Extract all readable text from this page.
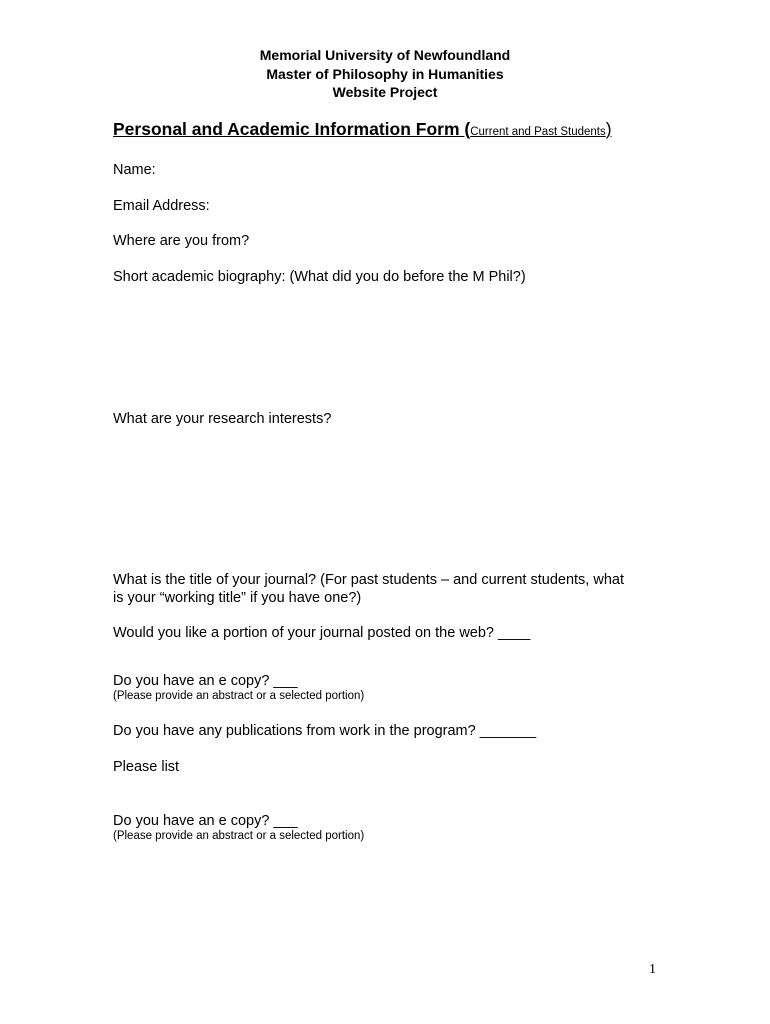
Memorial University of Newfoundland
Master of Philosophy in Humanities
Website Project
Personal and Academic Information Form (Current and Past Students)
Name:
Email Address:
Where are you from?
Short academic biography: (What did you do before the M Phil?)
What are your research interests?
What is the title of your journal? (For past students – and current students, what
is your “working title” if you have one?)
Would you like a portion of your journal posted on the web? ____
Do you have an e copy? ___
(Please provide an abstract or a selected portion)
Do you have any publications from work in the program? _______
Please list
Do you have an e copy? ___
(Please provide an abstract or a selected portion)
1
